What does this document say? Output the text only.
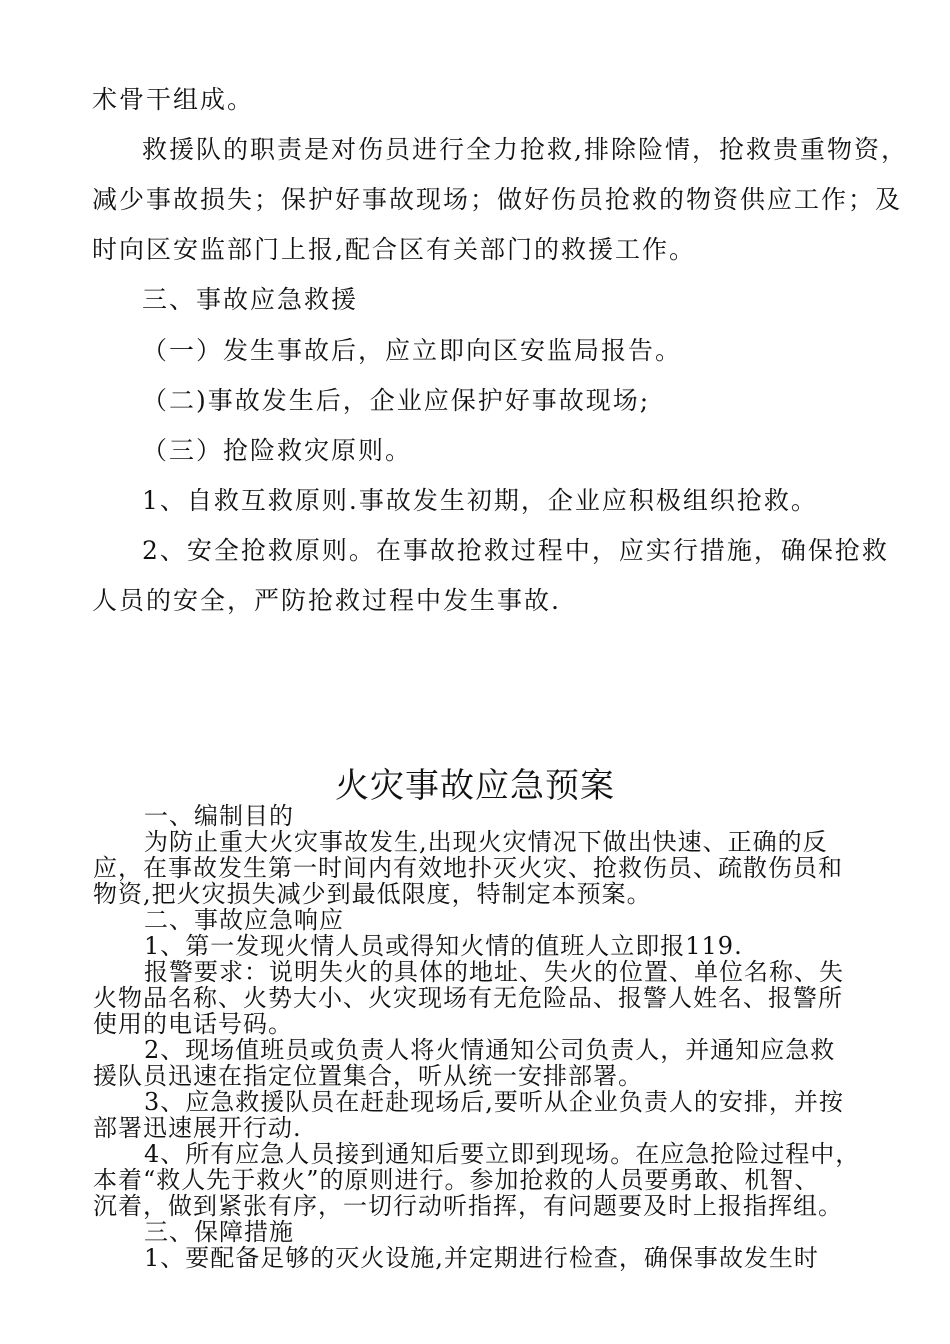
术骨干组成。

救援队的职责是对伤员进行全力抢救,排除险情，抢救贵重物资，

减少事故损失；保护好事故现场；做好伤员抢救的物资供应工作；及

时向区安监部门上报,配合区有关部门的救援工作。

三、事故应急救援

（一）发生事故后，应立即向区安监局报告。

（二)事故发生后，企业应保护好事故现场;

（三）抢险救灾原则。

1、自救互救原则.事故发生初期，企业应积极组织抢救。

2、安全抢救原则。在事故抢救过程中，应实行措施，确保抢救

人员的安全，严防抢救过程中发生事故.

火灾事故应急预案

一、编制目的

为防止重大火灾事故发生,出现火灾情况下做出快速、正确的反

应，在事故发生第一时间内有效地扑灭火灾、抢救伤员、疏散伤员和

物资,把火灾损失减少到最低限度，特制定本预案。

二、事故应急响应

1、第一发现火情人员或得知火情的值班人立即报119.

报警要求：说明失火的具体的地址、失火的位置、单位名称、失

火物品名称、火势大小、火灾现场有无危险品、报警人姓名、报警所

使用的电话号码。

2、现场值班员或负责人将火情通知公司负责人，并通知应急救

援队员迅速在指定位置集合，听从统一安排部署。

3、应急救援队员在赶赴现场后,要听从企业负责人的安排，并按

部署迅速展开行动.

4、所有应急人员接到通知后要立即到现场。在应急抢险过程中，

本着“救人先于救火”的原则进行。参加抢救的人员要勇敢、机智、

沉着，做到紧张有序，一切行动听指挥，有问题要及时上报指挥组。

三、保障措施

1、要配备足够的灭火设施,并定期进行检查，确保事故发生时
